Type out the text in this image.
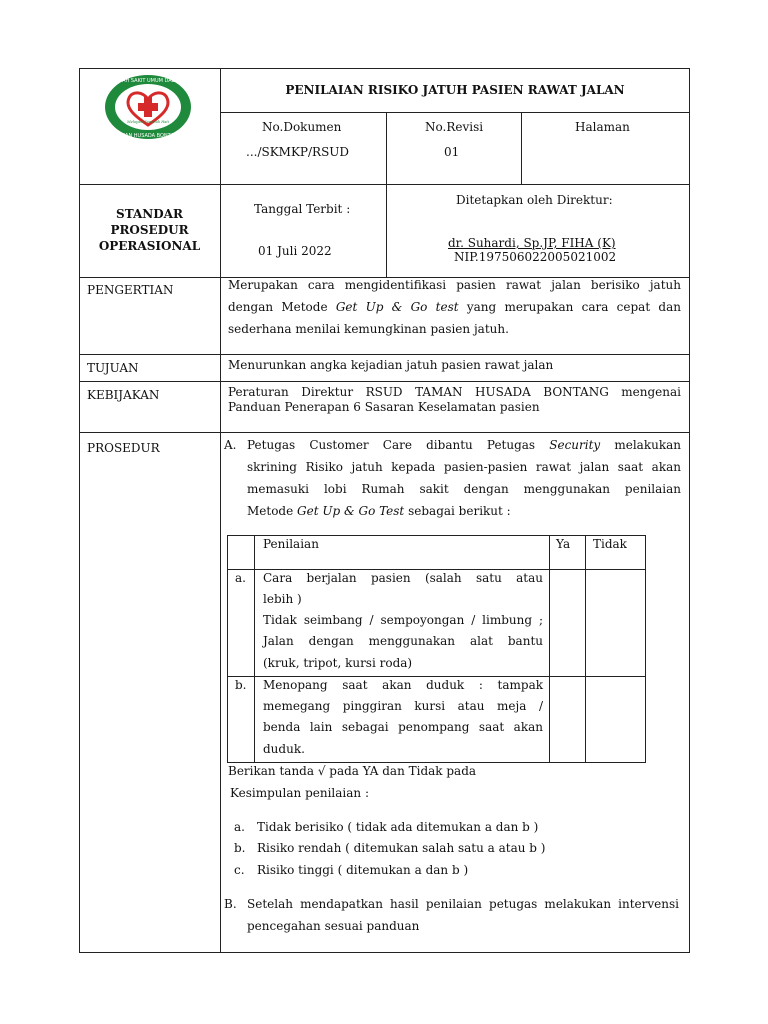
RUMAH SAKIT UMUM DAERAH
TAMAN HUSADA BONTANG
Melayani Sepenuh Hati
PENILAIAN RISIKO JATUH PASIEN RAWAT JALAN
No.Dokumen
.../SKMKP/RSUD
No.Revisi
01
Halaman
STANDAR
PROSEDUR
OPERASIONAL
Tanggal Terbit :
01 Juli 2022
Ditetapkan oleh Direktur:
dr. Suhardi, Sp.JP, FIHA (K)
NIP.197506022005021002
PENGERTIAN
TUJUAN
KEBIJAKAN
PROSEDUR
Merupakan cara mengidentifikasi pasien rawat jalan berisiko jatuh
dengan Metode Get Up & Go test yang merupakan cara cepat dan
sederhana menilai kemungkinan pasien jatuh.
Menurunkan angka kejadian jatuh pasien rawat jalan
Peraturan Direktur RSUD TAMAN HUSADA BONTANG mengenai
Panduan Penerapan 6 Sasaran Keselamatan pasien
A. Petugas Customer Care dibantu Petugas Security melakukan
skrining Risiko jatuh kepada pasien-pasien rawat jalan saat akan
memasuki lobi Rumah sakit dengan menggunakan penilaian
Metode Get Up & Go Test sebagai berikut :
Penilaian	Ya Tidak
a. Cara berjalan pasien (salah satu atau
lebih )
Tidak seimbang / sempoyongan / limbung ;
Jalan dengan menggunakan alat bantu
(kruk, tripot, kursi roda)
b. Menopang saat akan duduk : tampak
memegang pinggiran kursi atau meja /
benda lain sebagai penompang saat akan
duduk.
Berikan tanda √ pada YA dan Tidak pada
Kesimpulan penilaian :
a. Tidak berisiko ( tidak ada ditemukan a dan b )
b. Risiko rendah ( ditemukan salah satu a atau b )
c. Risiko tinggi ( ditemukan a dan b )
B. Setelah mendapatkan hasil penilaian petugas melakukan intervensi
pencegahan sesuai panduan
